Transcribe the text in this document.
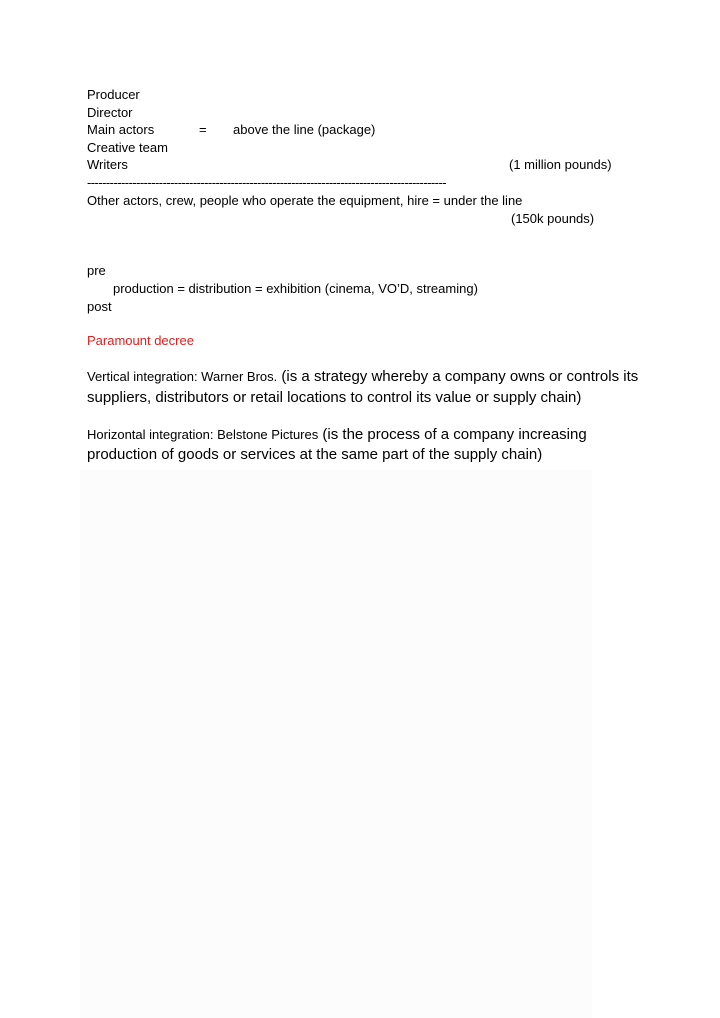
Producer
Director
Main actors	= above the line (package)
Creative team
Writers	(1 million pounds)
-----------------------------------------------------------------------------------------------
Other actors, crew, people who operate the equipment, hire = under the line
(150k pounds)
pre
production = distribution = exhibition (cinema, VO’D, streaming)
post
Paramount decree
Vertical integration: Warner Bros. (is a strategy whereby a company owns or controls its
suppliers, distributors or retail locations to control its value or supply chain)
Horizontal integration: Belstone Pictures (is the process of a company increasing
production of goods or services at the same part of the supply chain)
